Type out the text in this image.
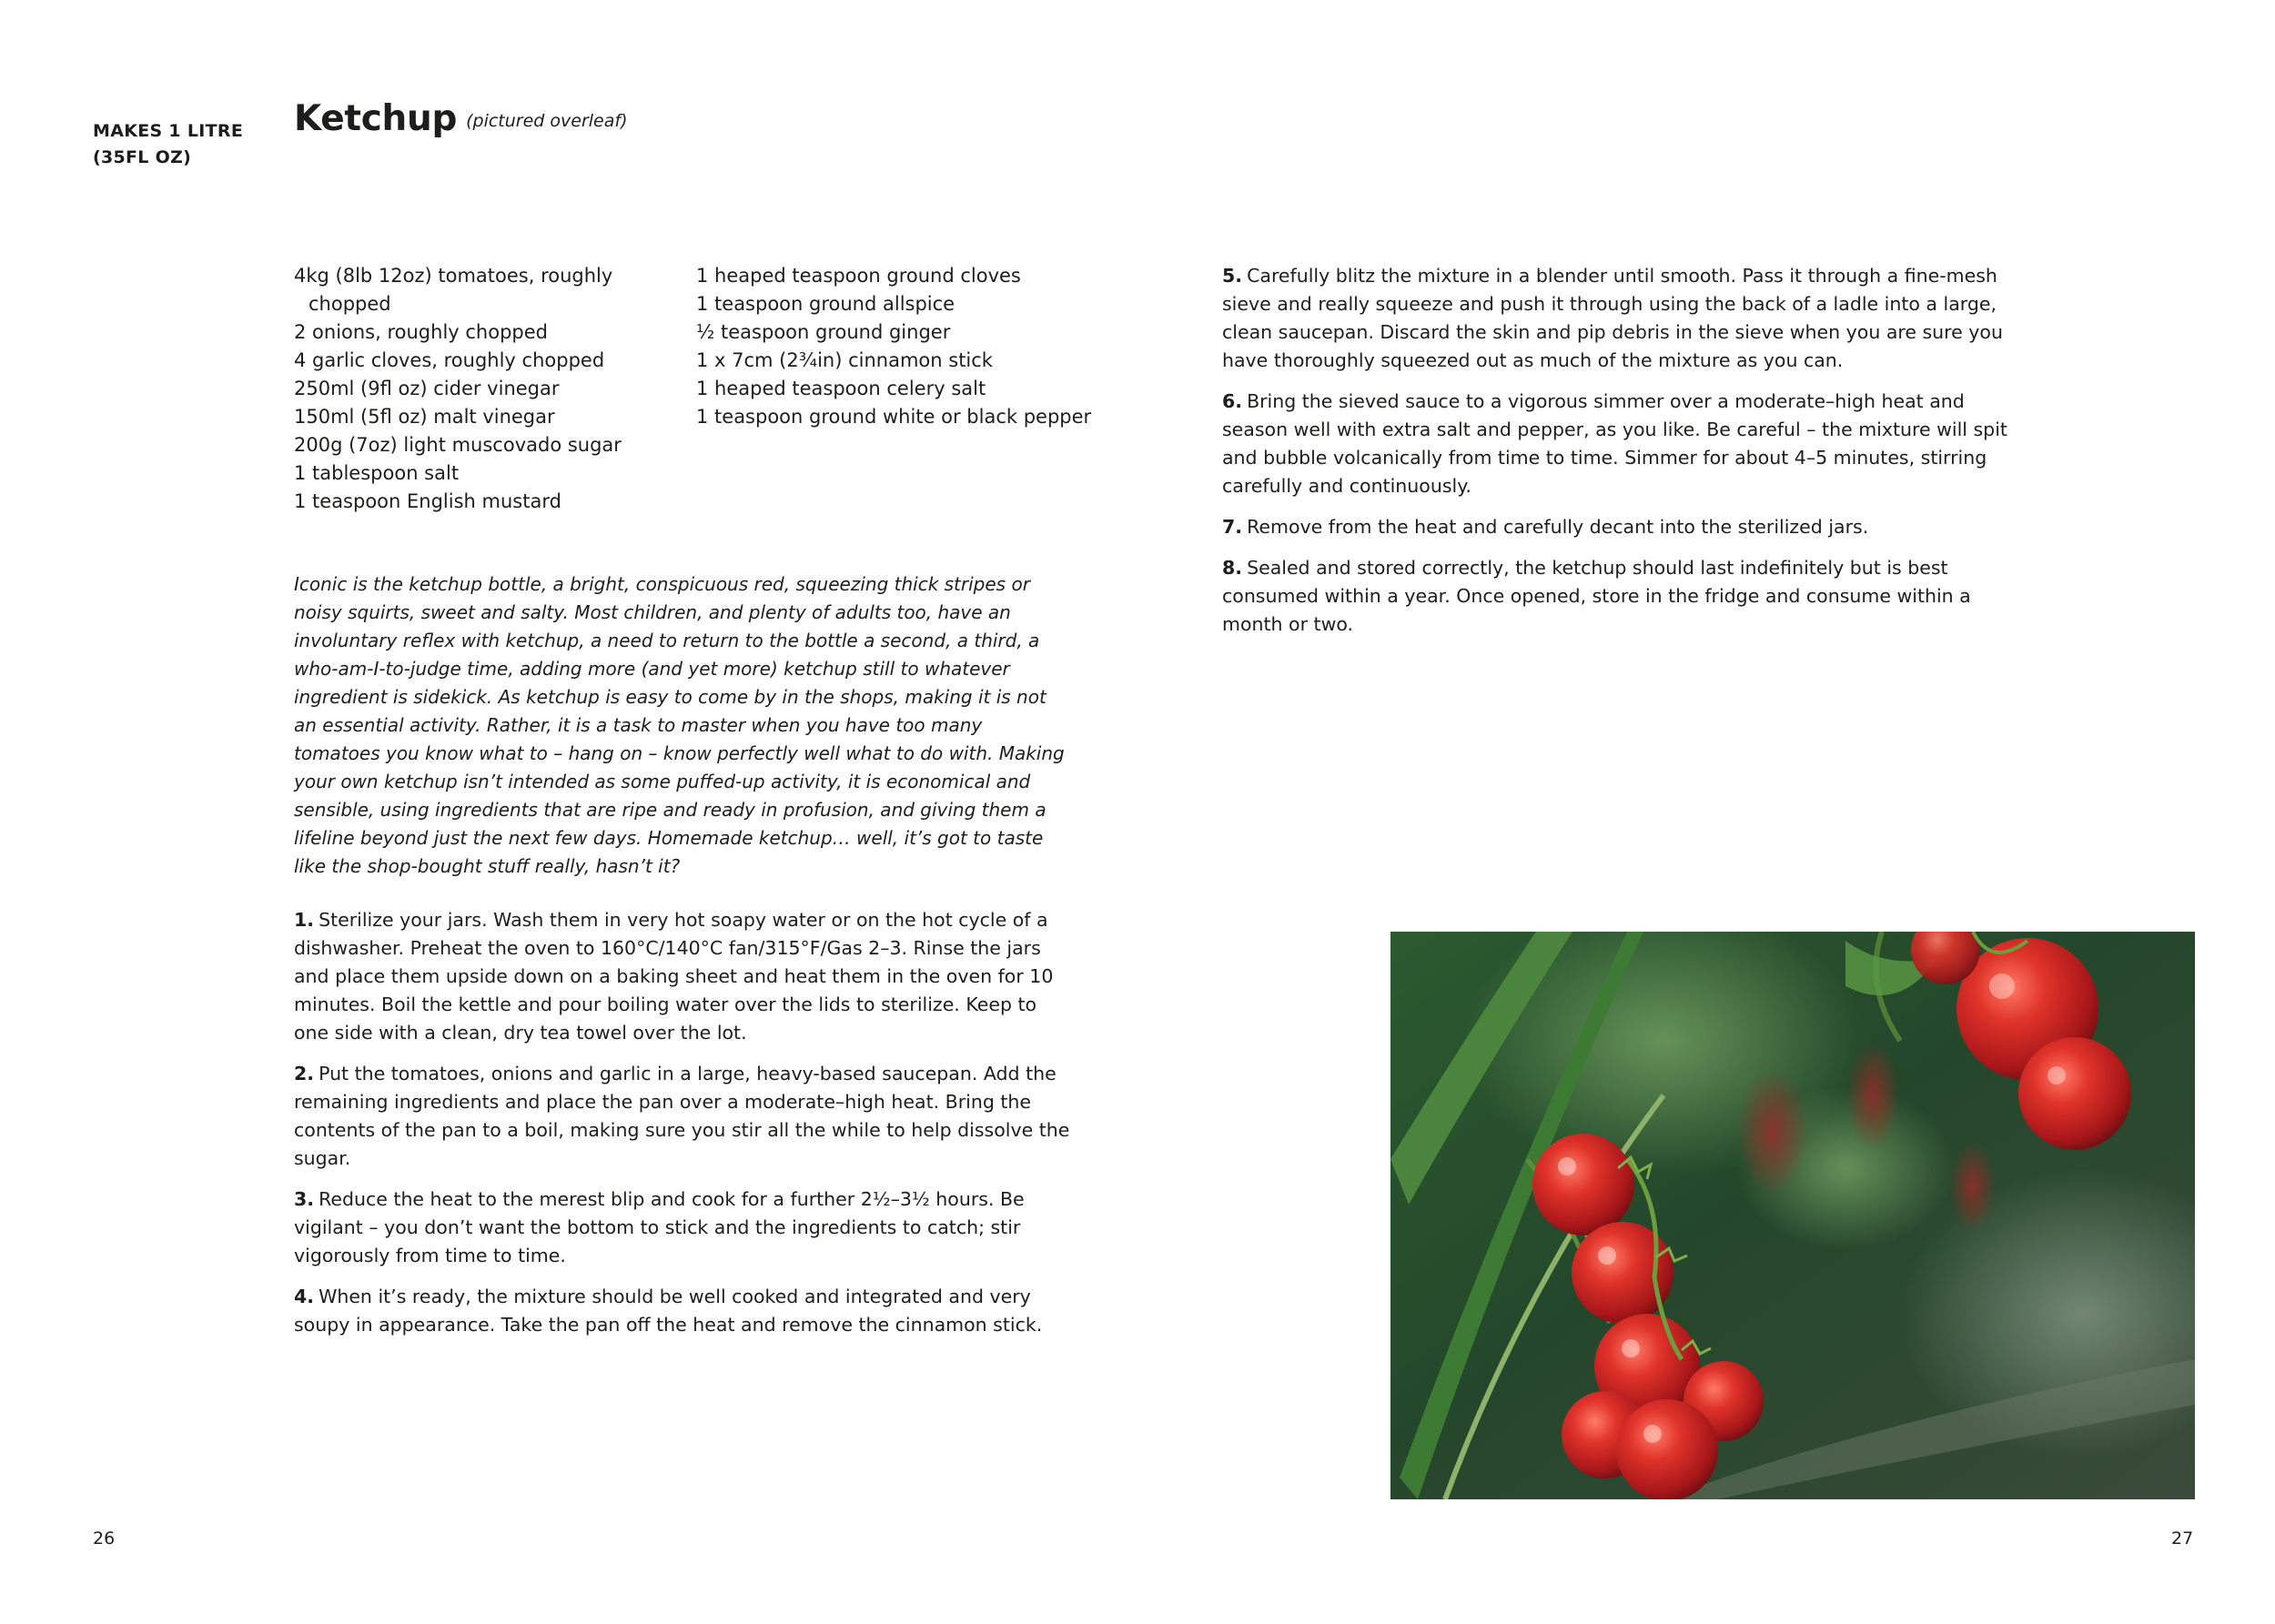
MAKES 1 LITRE
(35FL OZ)
Ketchup (pictured overleaf)
4kg (8lb 12oz) tomatoes, roughly chopped
2 onions, roughly chopped
4 garlic cloves, roughly chopped
250ml (9fl oz) cider vinegar
150ml (5fl oz) malt vinegar
200g (7oz) light muscovado sugar
1 tablespoon salt
1 teaspoon English mustard
1 heaped teaspoon ground cloves
1 teaspoon ground allspice
½ teaspoon ground ginger
1 x 7cm (2¾in) cinnamon stick
1 heaped teaspoon celery salt
1 teaspoon ground white or black pepper

Iconic is the ketchup bottle, a bright, conspicuous red, squeezing thick stripes or noisy squirts, sweet and salty. Most children, and plenty of adults too, have an involuntary reflex with ketchup, a need to return to the bottle a second, a third, a who-am-I-to-judge time, adding more (and yet more) ketchup still to whatever ingredient is sidekick. As ketchup is easy to come by in the shops, making it is not an essential activity. Rather, it is a task to master when you have too many tomatoes you know what to – hang on – know perfectly well what to do with. Making your own ketchup isn’t intended as some puffed-up activity, it is economical and sensible, using ingredients that are ripe and ready in profusion, and giving them a lifeline beyond just the next few days. Homemade ketchup… well, it’s got to taste like the shop-bought stuff really, hasn’t it?

1. Sterilize your jars. Wash them in very hot soapy water or on the hot cycle of a dishwasher. Preheat the oven to 160°C/140°C fan/315°F/Gas 2–3. Rinse the jars and place them upside down on a baking sheet and heat them in the oven for 10 minutes. Boil the kettle and pour boiling water over the lids to sterilize. Keep to one side with a clean, dry tea towel over the lot.
2. Put the tomatoes, onions and garlic in a large, heavy-based saucepan. Add the remaining ingredients and place the pan over a moderate–high heat. Bring the contents of the pan to a boil, making sure you stir all the while to help dissolve the sugar.
3. Reduce the heat to the merest blip and cook for a further 2½–3½ hours. Be vigilant – you don’t want the bottom to stick and the ingredients to catch; stir vigorously from time to time.
4. When it’s ready, the mixture should be well cooked and integrated and very soupy in appearance. Take the pan off the heat and remove the cinnamon stick.
5. Carefully blitz the mixture in a blender until smooth. Pass it through a fine-mesh sieve and really squeeze and push it through using the back of a ladle into a large, clean saucepan. Discard the skin and pip debris in the sieve when you are sure you have thoroughly squeezed out as much of the mixture as you can.
6. Bring the sieved sauce to a vigorous simmer over a moderate–high heat and season well with extra salt and pepper, as you like. Be careful – the mixture will spit and bubble volcanically from time to time. Simmer for about 4–5 minutes, stirring carefully and continuously.
7. Remove from the heat and carefully decant into the sterilized jars.
8. Sealed and stored correctly, the ketchup should last indefinitely but is best consumed within a year. Once opened, store in the fridge and consume within a month or two.
26	27
